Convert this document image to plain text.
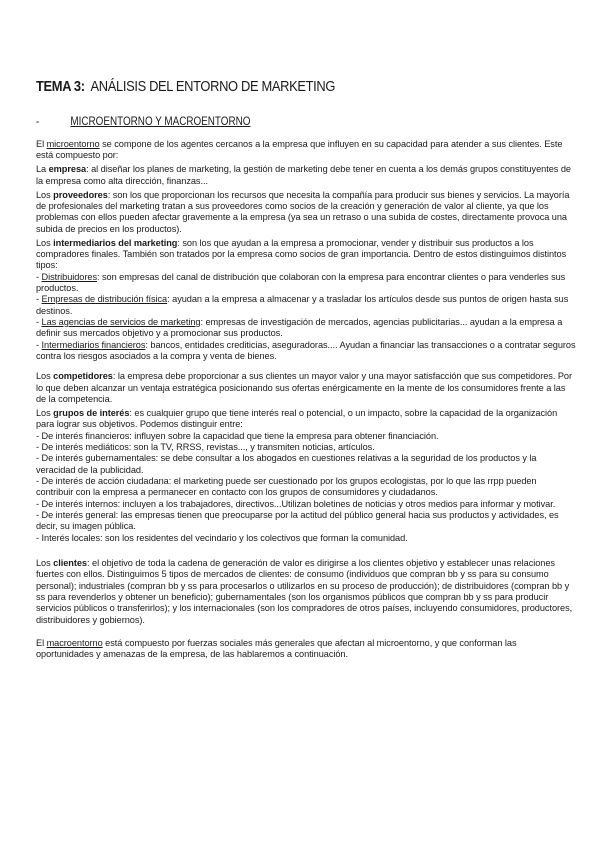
TEMA 3: ANÁLISIS DEL ENTORNO DE MARKETING
-	MICROENTORNO Y MACROENTORNO

El microentorno se compone de los agentes cercanos a la empresa que influyen en su capacidad para atender a sus clientes. Este está compuesto por:

La empresa: al diseñar los planes de marketing, la gestión de marketing debe tener en cuenta a los demás grupos constituyentes de la empresa como alta dirección, finanzas...

Los proveedores: son los que proporcionan los recursos que necesita la compañía para producir sus bienes y servicios. La mayoría de profesionales del marketing tratan a sus proveedores como socios de la creación y generación de valor al cliente, ya que los problemas con ellos pueden afectar gravemente a la empresa (ya sea un retraso o una subida de costes, directamente provoca una subida de precios en los productos).

Los intermediarios del marketing: son los que ayudan a la empresa a promocionar, vender y distribuir sus productos a los compradores finales. También son tratados por la empresa como socios de gran importancia. Dentro de estos distinguimos distintos tipos:
- Distribuidores: son empresas del canal de distribución que colaboran con la empresa para encontrar clientes o para venderles sus productos.
- Empresas de distribución física: ayudan a la empresa a almacenar y a trasladar los artículos desde sus puntos de origen hasta sus destinos.
- Las agencias de servicios de marketing: empresas de investigación de mercados, agencias publicitarias... ayudan a la empresa a definir sus mercados objetivo y a promocionar sus productos.
- Intermediarios financieros: bancos, entidades crediticias, aseguradoras.... Ayudan a financiar las transacciones o a contratar seguros contra los riesgos asociados a la compra y venta de bienes.

Los competidores: la empresa debe proporcionar a sus clientes un mayor valor y una mayor satisfacción que sus competidores. Por lo que deben alcanzar un ventaja estratégica posicionando sus ofertas enérgicamente en la mente de los consumidores frente a las de la competencia.

Los grupos de interés: es cualquier grupo que tiene interés real o potencial, o un impacto, sobre la capacidad de la organización para lograr sus objetivos. Podemos distinguir entre:
- De interés financieros: influyen sobre la capacidad que tiene la empresa para obtener financiación.
- De interés mediáticos: son la TV, RRSS, revistas..., y transmiten noticias, artículos.
- De interés gubernamentales: se debe consultar a los abogados en cuestiones relativas a la seguridad de los productos y la veracidad de la publicidad.
- De interés de acción ciudadana: el marketing puede ser cuestionado por los grupos ecologistas, por lo que las rrpp pueden contribuir con la empresa a permanecer en contacto con los grupos de consumidores y ciudadanos.
- De interés internos: incluyen a los trabajadores, directivos...Utilizan boletines de noticias y otros medios para informar y motivar.
- De interés general: las empresas tienen que preocuparse por la actitud del público general hacia sus productos y actividades, es decir, su imagen pública.
- Interés locales: son los residentes del vecindario y los colectivos que forman la comunidad.

Los clientes: el objetivo de toda la cadena de generación de valor es dirigirse a los clientes objetivo y establecer unas relaciones fuertes con ellos. Distinguimos 5 tipos de mercados de clientes: de consumo (individuos que compran bb y ss para su consumo personal); industriales (compran bb y ss para procesarlos o utilizarlos en su proceso de producción); de distribuidores (compran bb y ss para revenderlos y obtener un beneficio); gubernamentales (son los organismos públicos que compran bb y ss para producir servicios públicos o transferirlos); y los internacionales (son los compradores de otros países, incluyendo consumidores, productores, distribuidores y gobiernos).

El macroentorno está compuesto por fuerzas sociales más generales que afectan al microentorno, y que conforman las oportunidades y amenazas de la empresa, de las hablaremos a continuación.
